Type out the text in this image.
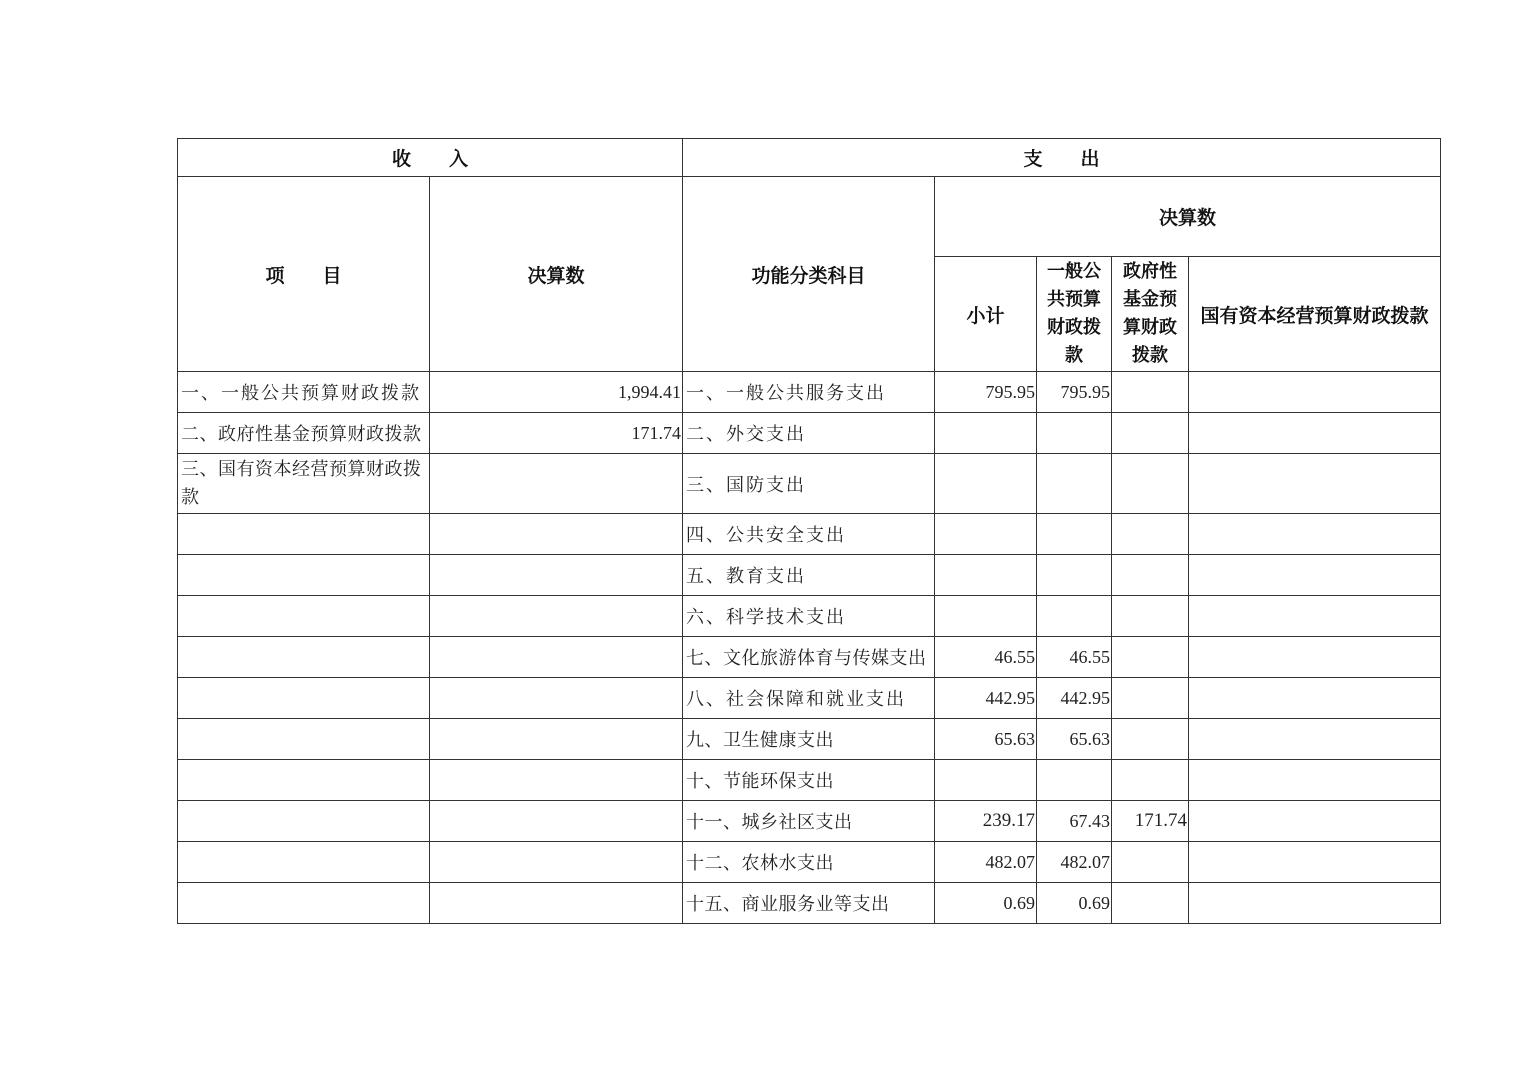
收　　入		支　　出				
项　　目	决算数	功能分类科目	决算数			
			小计	一般公共预算财政拨款	政府性基金预算财政拨款	国有资本经营预算财政拨款
一、一般公共预算财政拨款	1,994.41	一、一般公共服务支出	795.95	795.95		
二、政府性基金预算财政拨款	171.74	二、外交支出				
三、国有资本经营预算财政拨款		三、国防支出				
		四、公共安全支出				
		五、教育支出				
		六、科学技术支出				
		七、文化旅游体育与传媒支出	46.55	46.55		
		八、社会保障和就业支出	442.95	442.95		
		九、卫生健康支出	65.63	65.63		
		十、节能环保支出				
		十一、城乡社区支出	239.17	67.43	171.74	
		十二、农林水支出	482.07	482.07		
		十五、商业服务业等支出	0.69	0.69		
